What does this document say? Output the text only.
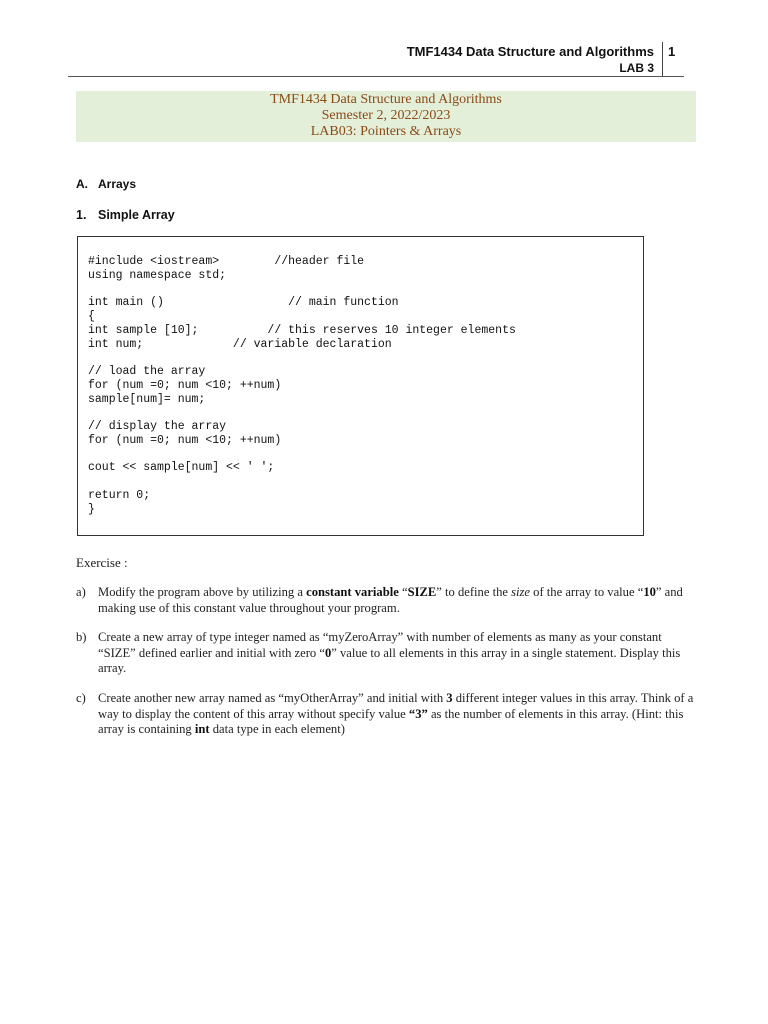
TMF1434 Data Structure and Algorithms
LAB 3
1
TMF1434 Data Structure and Algorithms
Semester 2, 2022/2023
LAB03: Pointers & Arrays
A. Arrays
1. Simple Array
#include <iostream>        //header file
using namespace std;

int main ()                  // main function
{
int sample [10];          // this reserves 10 integer elements
int num;             // variable declaration

// load the array
for (num =0; num <10; ++num)
sample[num]= num;

// display the array
for (num =0; num <10; ++num)

cout << sample[num] << ' ';

return 0;
}
Exercise :
a) Modify the program above by utilizing a constant variable “SIZE” to define the size of the array to value “10” and making use of this constant value throughout your program.
b) Create a new array of type integer named as “myZeroArray” with number of elements as many as your constant “SIZE” defined earlier and initial with zero “0” value to all elements in this array in a single statement. Display this array.
c) Create another new array named as “myOtherArray” and initial with 3 different integer values in this array. Think of a way to display the content of this array without specify value “3” as the number of elements in this array. (Hint: this array is containing int data type in each element)
